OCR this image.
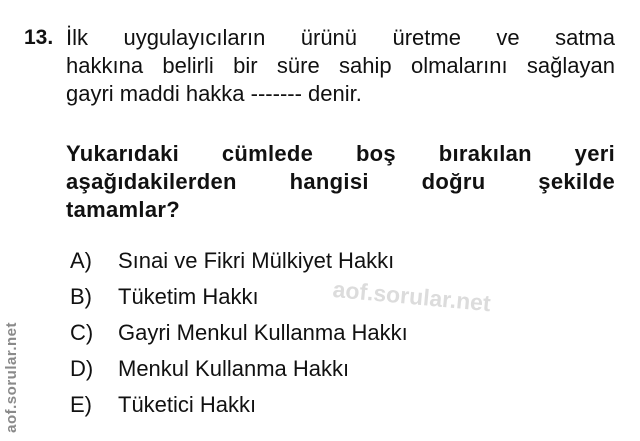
13. İlk uygulayıcıların ürünü üretme ve satma
hakkına belirli bir süre sahip olmalarını sağlayan
gayri maddi hakka ------- denir.
Yukarıdaki cümlede boş bırakılan yeri
aşağıdakilerden hangisi doğru şekilde
tamamlar?
A)	Sınai ve Fikri Mülkiyet Hakkı
B)	Tüketim Hakkı
C)	Gayri Menkul Kullanma Hakkı
D)	Menkul Kullanma Hakkı
E)	Tüketici Hakkı
aof.sorular.net
aof.sorular.net
